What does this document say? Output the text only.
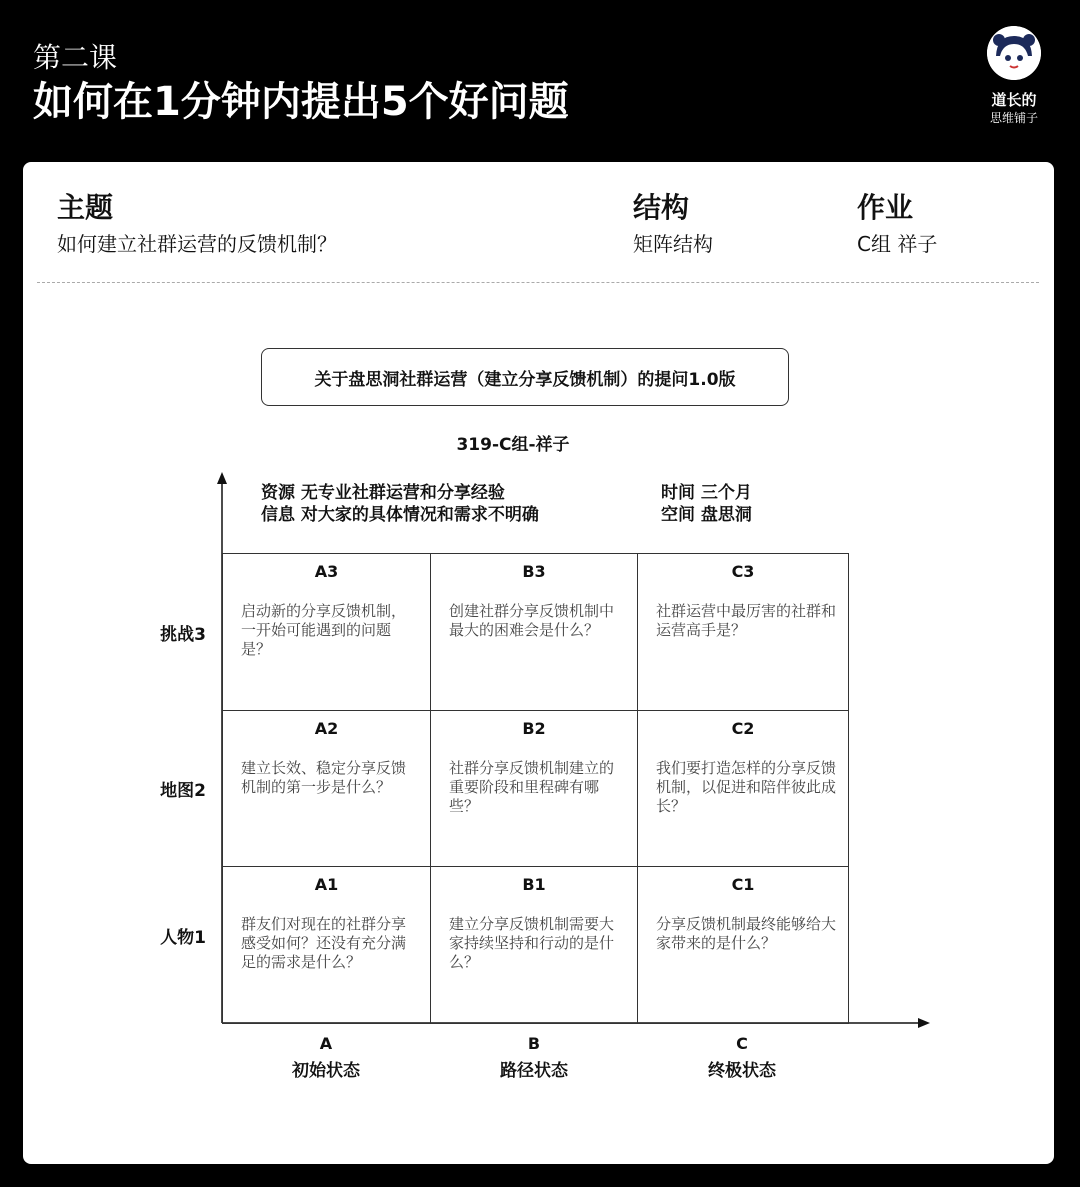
第二课
如何在1分钟内提出5个好问题	道长的
思维铺子
主题
如何建立社群运营的反馈机制？
结构
矩阵结构
作业
C组 祥子
关于盘思洞社群运营（建立分享反馈机制）的提问1.0版
319-C组-祥子
资源 无专业社群运营和分享经验
信息 对大家的具体情况和需求不明确
时间 三个月
空间 盘思洞
A3
启动新的分享反馈机制，一开始可能遇到的问题是？
B3
创建社群分享反馈机制中最大的困难会是什么？
C3
社群运营中最厉害的社群和运营高手是？
A2
建立长效、稳定分享反馈机制的第一步是什么？
B2
社群分享反馈机制建立的重要阶段和里程碑有哪些？
C2
我们要打造怎样的分享反馈机制，以促进和陪伴彼此成长？
A1
群友们对现在的社群分享感受如何？还没有充分满足的需求是什么？
B1
建立分享反馈机制需要大家持续坚持和行动的是什么？
C1
分享反馈机制最终能够给大家带来的是什么？
挑战3
地图2
人物1
A
初始状态
B
路径状态
C
终极状态
